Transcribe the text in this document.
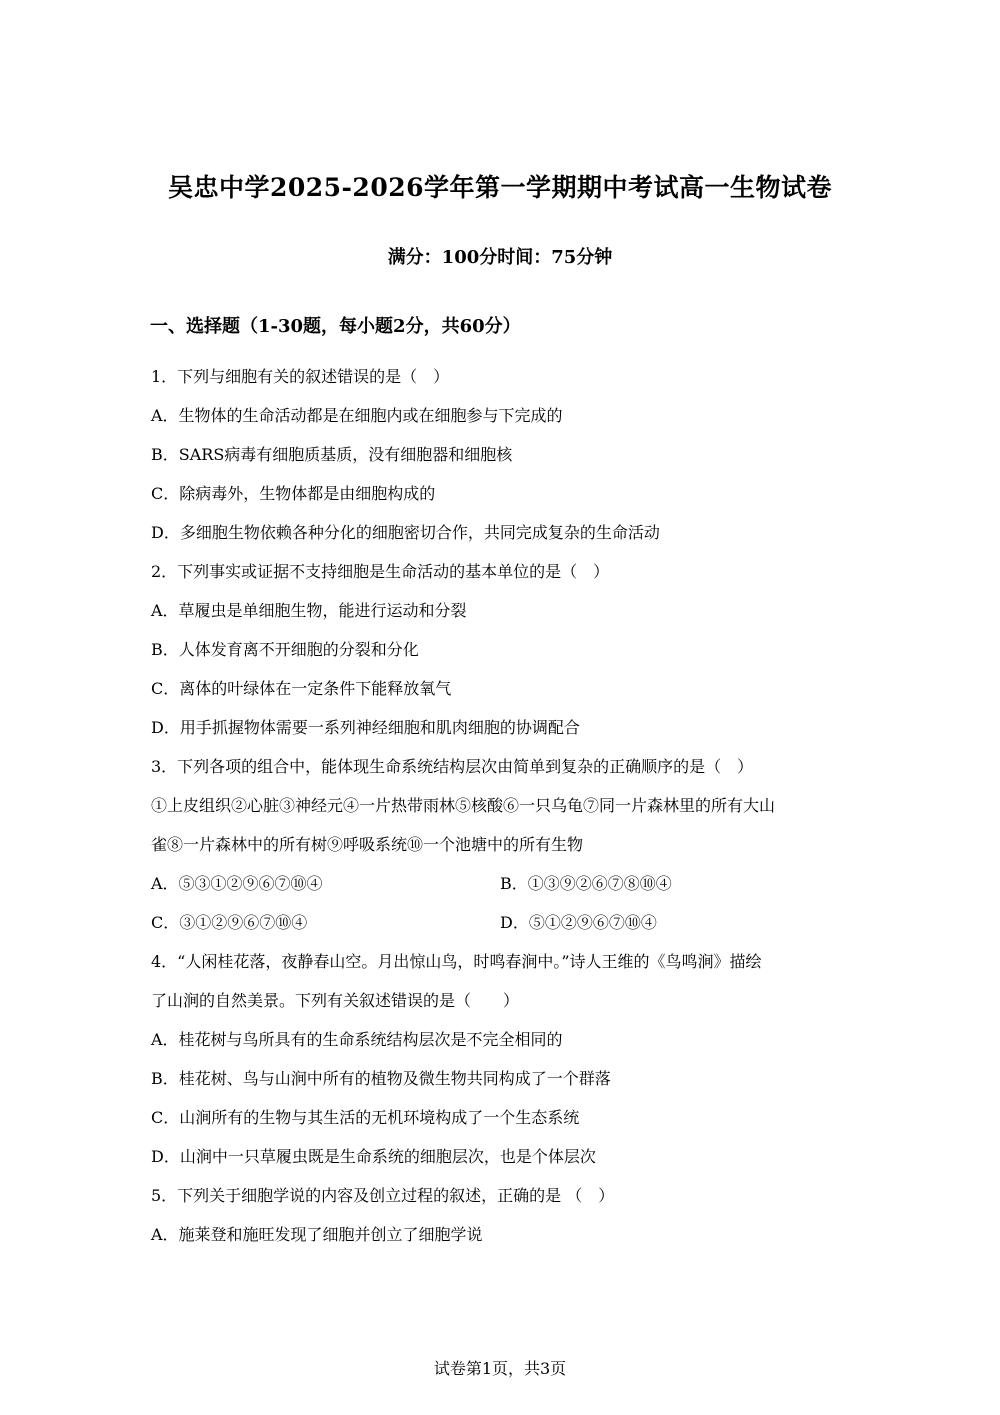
吴忠中学2025-2026学年第一学期期中考试高一生物试卷
满分：100分时间：75分钟
一、选择题（1-30题，每小题2分，共60分）
1．下列与细胞有关的叙述错误的是（　）
A．生物体的生命活动都是在细胞内或在细胞参与下完成的
B．SARS病毒有细胞质基质，没有细胞器和细胞核
C．除病毒外，生物体都是由细胞构成的
D．多细胞生物依赖各种分化的细胞密切合作，共同完成复杂的生命活动
2．下列事实或证据不支持细胞是生命活动的基本单位的是（　）
A．草履虫是单细胞生物，能进行运动和分裂
B．人体发育离不开细胞的分裂和分化
C．离体的叶绿体在一定条件下能释放氧气
D．用手抓握物体需要一系列神经细胞和肌肉细胞的协调配合
3．下列各项的组合中，能体现生命系统结构层次由简单到复杂的正确顺序的是（　）
①上皮组织②心脏③神经元④一片热带雨林⑤核酸⑥一只乌龟⑦同一片森林里的所有大山
雀⑧一片森林中的所有树⑨呼吸系统⑩一个池塘中的所有生物
A．⑤③①②⑨⑥⑦⑩④	B．①③⑨②⑥⑦⑧⑩④
C．③①②⑨⑥⑦⑩④	D．⑤①②⑨⑥⑦⑩④
4．“人闲桂花落，夜静春山空。月出惊山鸟，时鸣春涧中。”诗人王维的《鸟鸣涧》描绘
了山涧的自然美景。下列有关叙述错误的是（　　）
A．桂花树与鸟所具有的生命系统结构层次是不完全相同的
B．桂花树、鸟与山涧中所有的植物及微生物共同构成了一个群落
C．山涧所有的生物与其生活的无机环境构成了一个生态系统
D．山涧中一只草履虫既是生命系统的细胞层次，也是个体层次
5．下列关于细胞学说的内容及创立过程的叙述，正确的是 （　）
A．施莱登和施旺发现了细胞并创立了细胞学说
试卷第1页，共3页
